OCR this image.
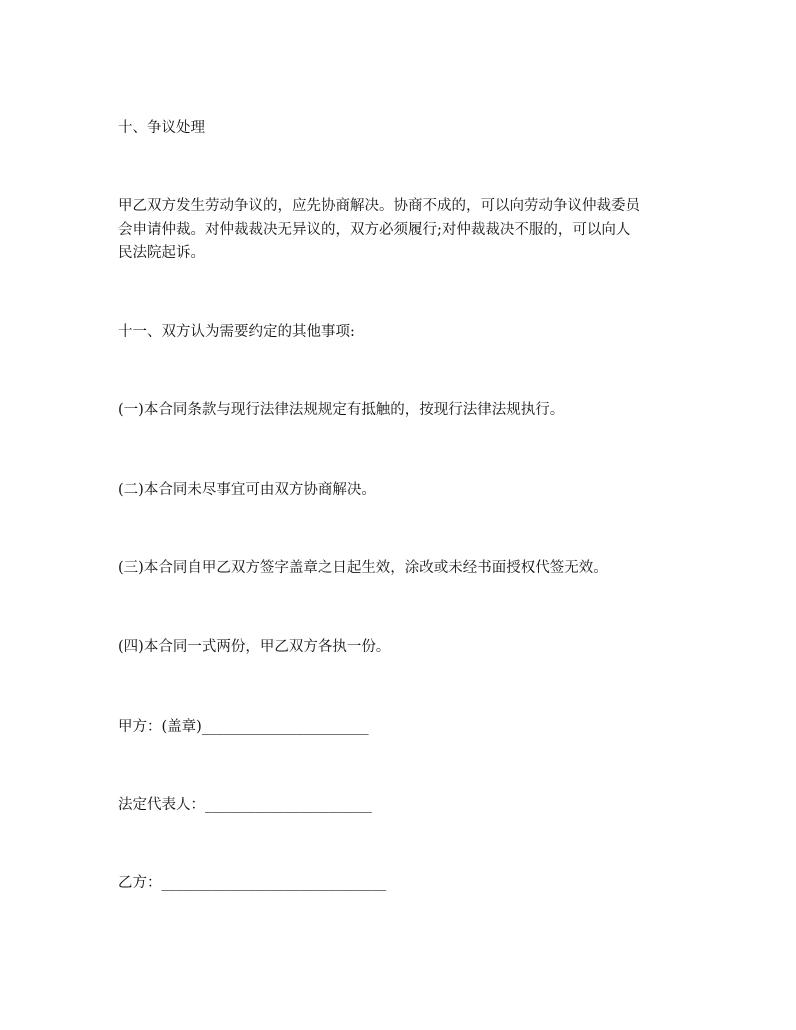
十、争议处理

甲乙双方发生劳动争议的，应先协商解决。协商不成的，可以向劳动争议仲裁委员
会申请仲裁。对仲裁裁决无异议的，双方必须履行;对仲裁裁决不服的，可以向人
民法院起诉。

十一、双方认为需要约定的其他事项:

(一)本合同条款与现行法律法规规定有抵触的，按现行法律法规执行。

(二)本合同未尽事宜可由双方协商解决。

(三)本合同自甲乙双方签字盖章之日起生效，涂改或未经书面授权代签无效。

(四)本合同一式两份，甲乙双方各执一份。

甲方：(盖章)_______________________

法定代表人：_______________________

乙方：_______________________________
